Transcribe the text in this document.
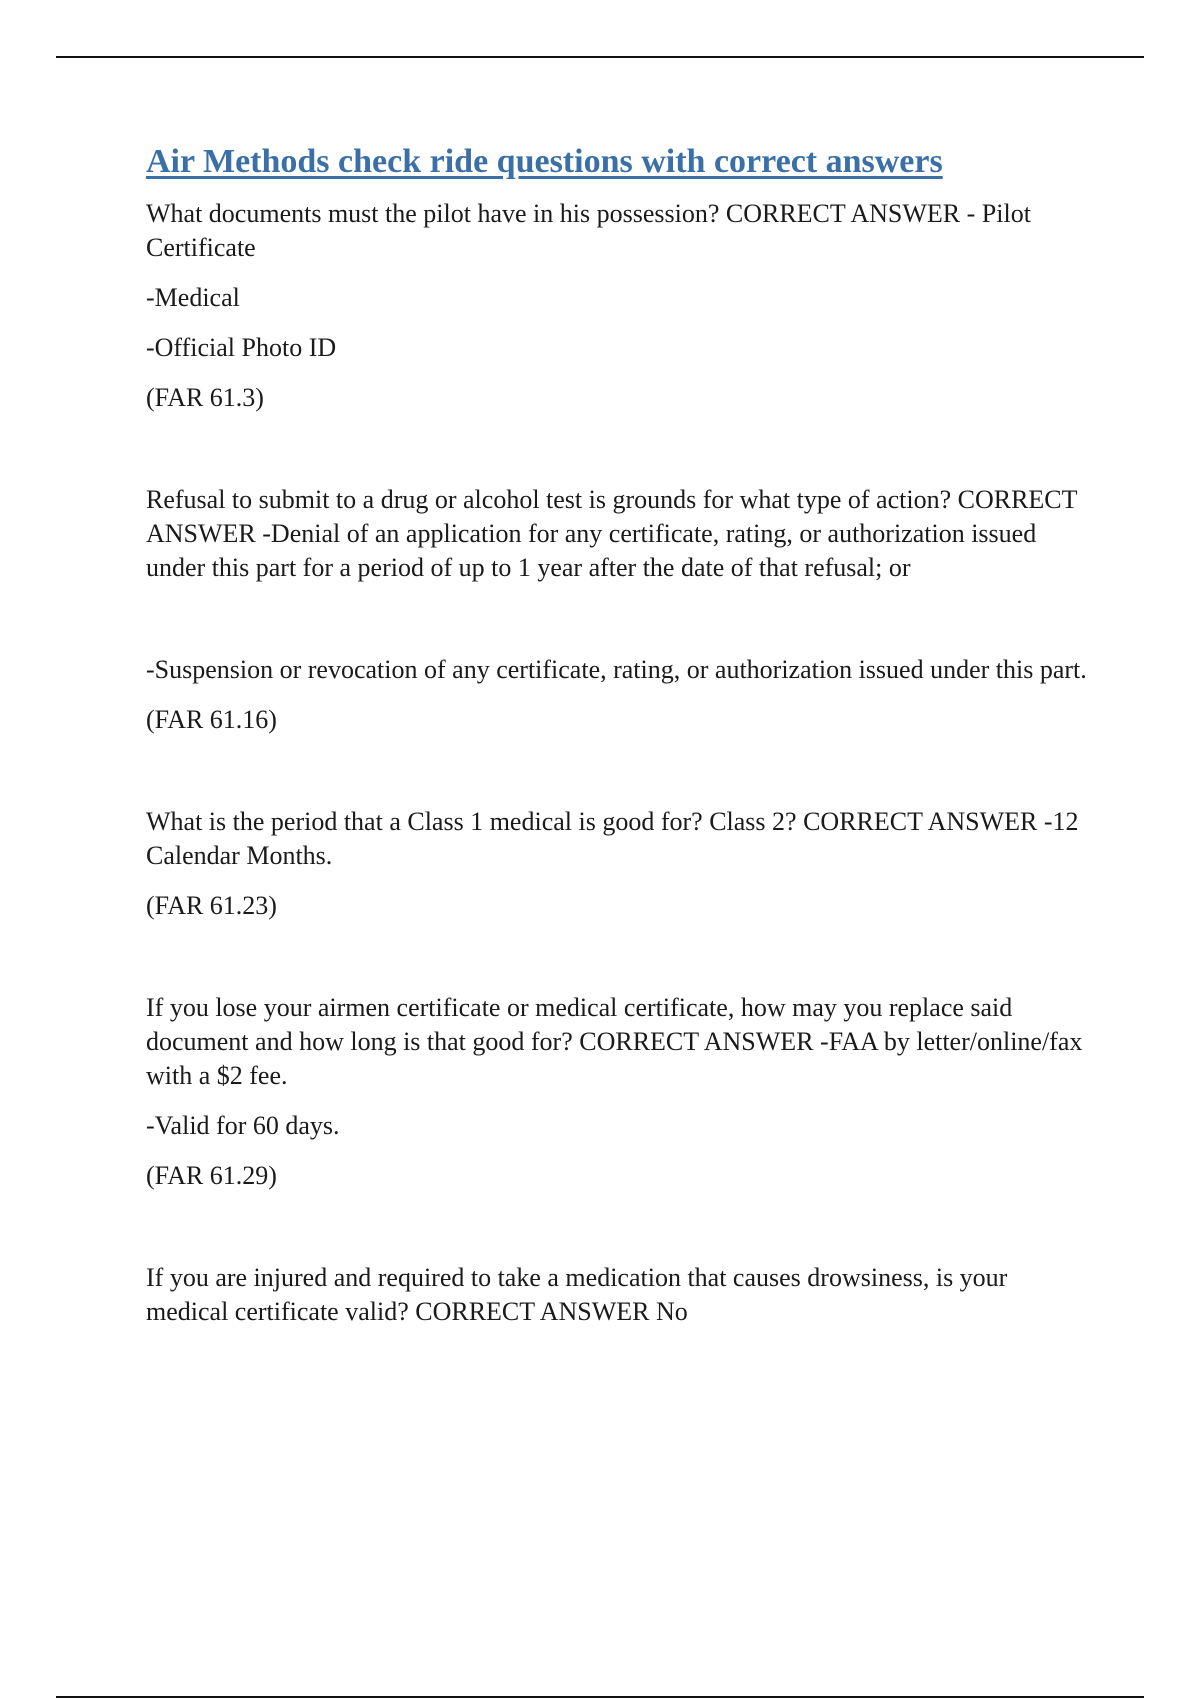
Air Methods check ride questions with correct answers

What documents must the pilot have in his possession? CORRECT ANSWER - Pilot Certificate

-Medical

-Official Photo ID

(FAR 61.3)

Refusal to submit to a drug or alcohol test is grounds for what type of action? CORRECT ANSWER -Denial of an application for any certificate, rating, or authorization issued under this part for a period of up to 1 year after the date of that refusal; or

-Suspension or revocation of any certificate, rating, or authorization issued under this part.

(FAR 61.16)

What is the period that a Class 1 medical is good for? Class 2? CORRECT ANSWER -12 Calendar Months.

(FAR 61.23)

If you lose your airmen certificate or medical certificate, how may you replace said document and how long is that good for? CORRECT ANSWER -FAA by letter/online/fax with a $2 fee.

-Valid for 60 days.

(FAR 61.29)

If you are injured and required to take a medication that causes drowsiness, is your medical certificate valid? CORRECT ANSWER No
